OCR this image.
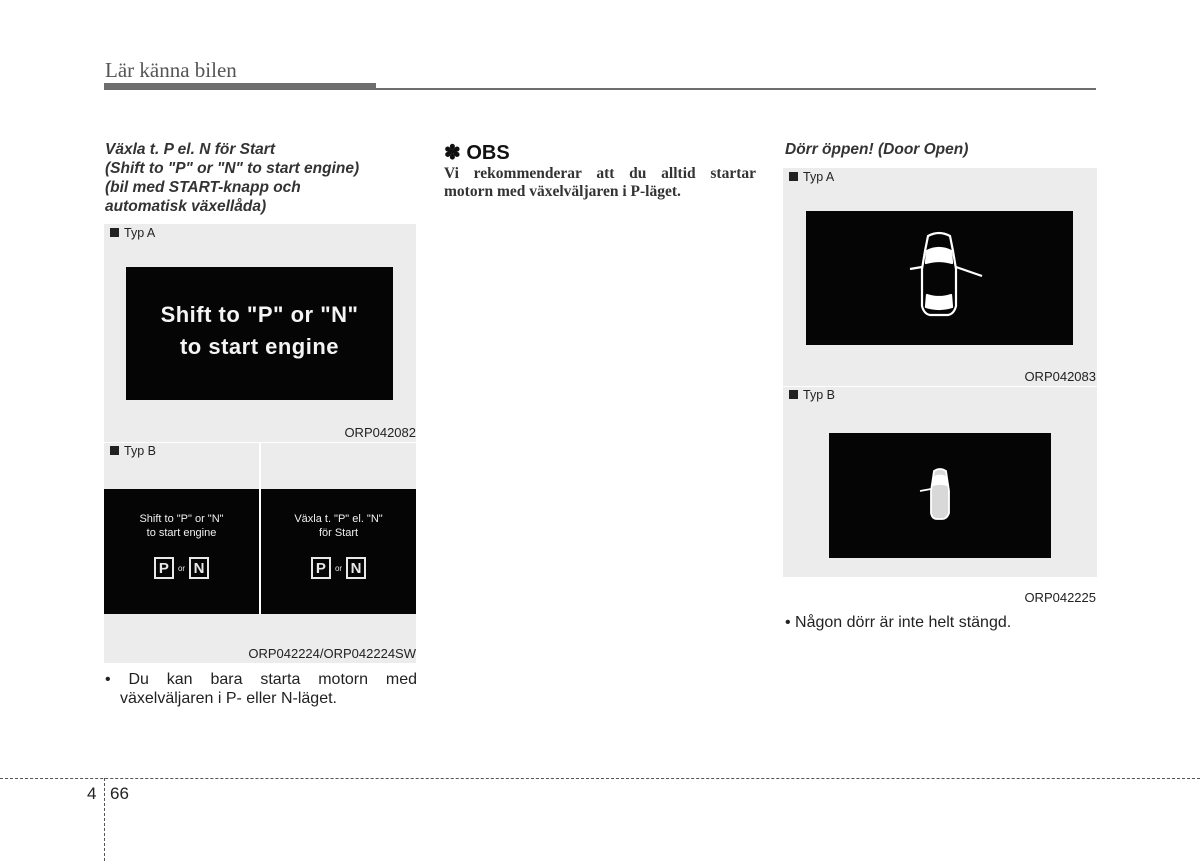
Lär känna bilen
Växla t. P el. N för Start
(Shift to "P" or "N" to start engine)
(bil med START-knapp och
automatisk växellåda)
Typ A
Shift to "P" or "N"
to start engine
ORP042082
Typ B
Shift to "P" or "N"
to start engine
P	or N
Växla t. "P" el. "N"
för Start
P	or N
ORP042224/ORP042224SW
• Du kan bara starta motorn med
växelväljaren i P- eller N-läget.
✽ OBS
Vi rekommenderar att du alltid startar
motorn med växelväljaren i P-läget.
Dörr öppen! (Door Open)
Typ A
ORP042083
Typ B
ORP042225
• Någon dörr är inte helt stängd.
4 66
